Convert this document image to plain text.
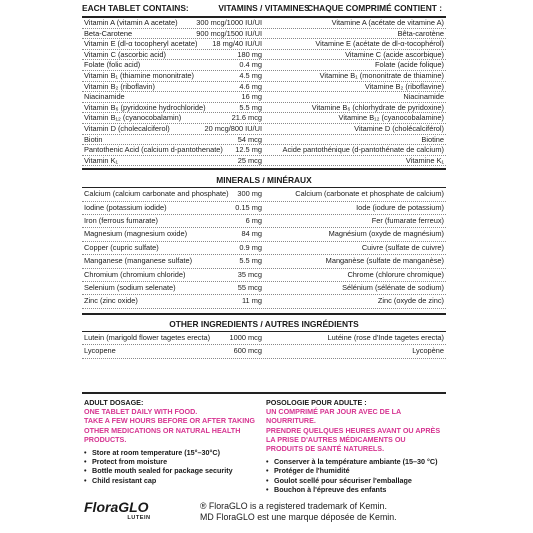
EACH TABLET CONTAINS:	VITAMINS / VITAMINES
CHAQUE COMPRIMÉ CONTIENT :
Vitamin A (vitamin A acetate)	300 mcg/1000 IU/UI	Vitamine A (acétate de vitamine A)
Beta-Carotene	900 mcg/1500 IU/UI	Bêta-carotène
Vitamin E (dl-α tocopheryl acetate) 18 mg/40 IU/UI	Vitamine E (acétate de dl-α-tocophérol)
Vitamin C (ascorbic acid)	180 mg	Vitamine C (acide ascorbique)
Folate (folic acid)	0.4 mg	Folate (acide folique)
Vitamin B₁ (thiamine mononitrate)	4.5 mg	Vitamine B₁ (mononitrate de thiamine)
Vitamin B₂ (riboflavin)	4.6 mg	Vitamine B₂ (riboflavine)
Niacinamide	16 mg	Niacinamide
Vitamin B₆ (pyridoxine hydrochloride)	5.5 mg	Vitamine B₆ (chlorhydrate de pyridoxine)
Vitamin B₁₂ (cyanocobalamin)	21.6 mcg	Vitamine B₁₂ (cyanocobalamine)
Vitamin D (cholecalciferol)	20 mcg/800 IU/UI	Vitamine D (cholécalciférol)
Biotin	54 mcg	Biotine
Pantothenic Acid (calcium d-pantothenate) 12.5 mg	Acide pantothénique (d-pantothénate de calcium)
Vitamin K₁	25 mcg	Vitamine K₁
MINERALS / MINÉRAUX
Calcium (calcium carbonate and phosphate) 300 mg	Calcium (carbonate et phosphate de calcium)
Iodine (potassium iodide)	0.15 mg	Iode (iodure de potassium)
Iron (ferrous fumarate)	6 mg	Fer (fumarate ferreux)
Magnesium (magnesium oxide)	84 mg	Magnésium (oxyde de magnésium)
Copper (cupric sulfate)	0.9 mg	Cuivre (sulfate de cuivre)
Manganese (manganese sulfate)	5.5 mg	Manganèse (sulfate de manganèse)
Chromium (chromium chloride)	35 mcg	Chrome (chlorure chromique)
Selenium (sodium selenate)	55 mcg	Sélénium (sélénate de sodium)
Zinc (zinc oxide)	11 mg	Zinc (oxyde de zinc)
OTHER INGREDIENTS / AUTRES INGRÉDIENTS
Lutein (marigold flower tagetes erecta)	1000 mcg	Lutéine (rose d'Inde tagetes erecta)
Lycopene	600 mcg	Lycopène
ADULT DOSAGE:
ONE TABLET DAILY WITH FOOD.
TAKE A FEW HOURS BEFORE OR AFTER TAKING OTHER MEDICATIONS OR NATURAL HEALTH PRODUCTS.
• Store at room temperature (15°–30°C)
• Protect from moisture
• Bottle mouth sealed for package security
• Child resistant cap
POSOLOGIE POUR ADULTE :
UN COMPRIMÉ PAR JOUR AVEC DE LA NOURRITURE.
PRENDRE QUELQUES HEURES AVANT OU APRÈS LA PRISE D'AUTRES MÉDICAMENTS OU PRODUITS DE SANTÉ NATURELS.
• Conserver à la température ambiante (15–30 °C)
• Protéger de l'humidité
• Goulot scellé pour sécuriser l'emballage
• Bouchon à l'épreuve des enfants
FloraGLO
LUTEIN
® FloraGLO is a registered trademark of Kemin.
MD FloraGLO est une marque déposée de Kemin.
